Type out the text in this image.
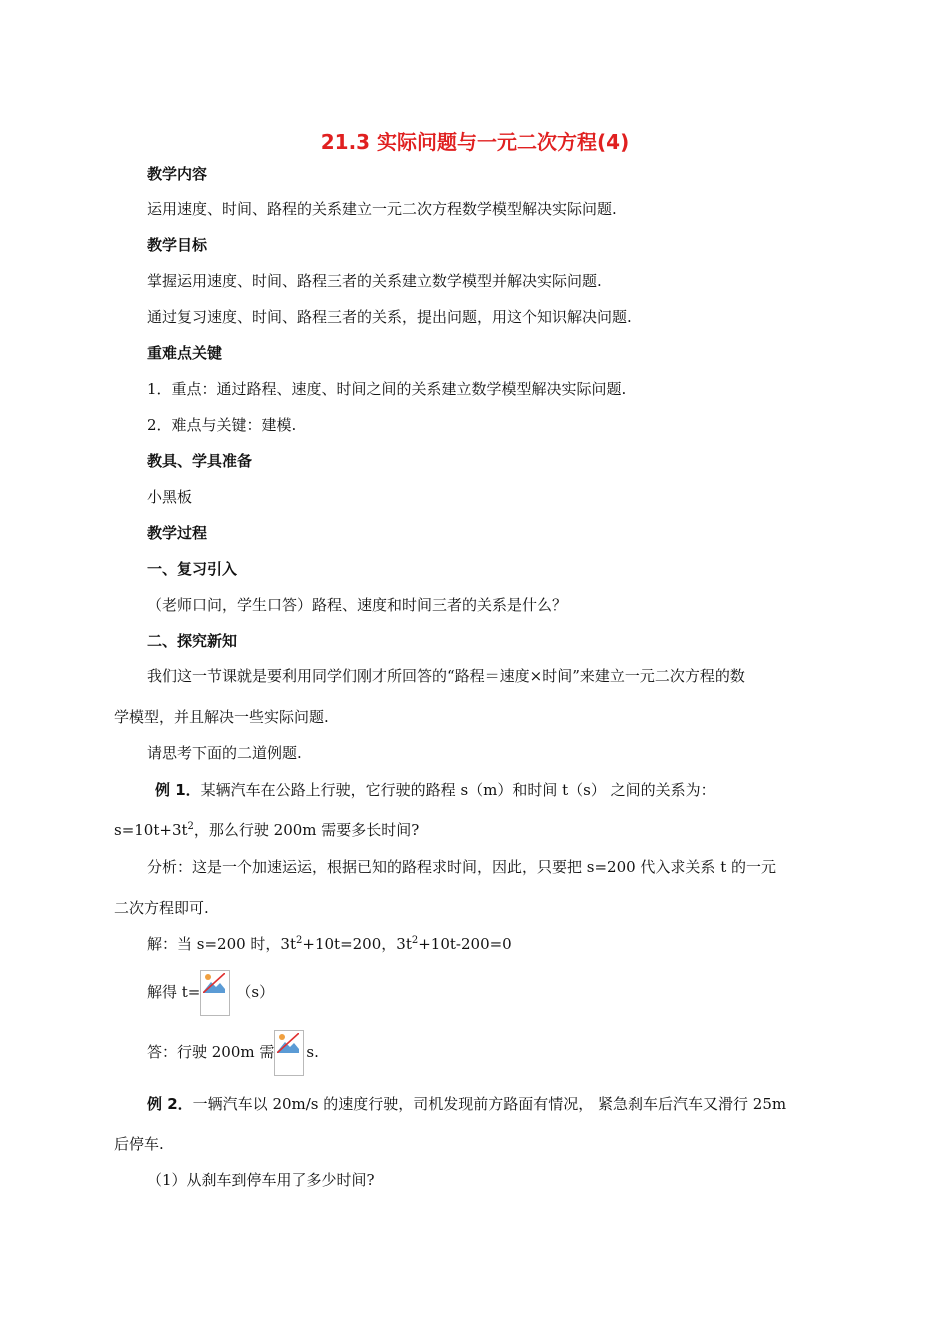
21.3 实际问题与一元二次方程(4)
教学内容
运用速度、时间、路程的关系建立一元二次方程数学模型解决实际问题.
教学目标
掌握运用速度、时间、路程三者的关系建立数学模型并解决实际问题.
通过复习速度、时间、路程三者的关系，提出问题，用这个知识解决问题.
重难点关键
1．重点：通过路程、速度、时间之间的关系建立数学模型解决实际问题.
2．难点与关键：建模.
教具、学具准备
小黑板
教学过程
一、复习引入
（老师口问，学生口答）路程、速度和时间三者的关系是什么？
二、探究新知
我们这一节课就是要利用同学们刚才所回答的“路程＝速度×时间”来建立一元二次方程的数
学模型，并且解决一些实际问题.
请思考下面的二道例题.
例 1．某辆汽车在公路上行驶，它行驶的路程 s（m）和时间 t（s） 之间的关系为：
$s=10t+3t^2$，那么行驶 200m 需要多长时间?
分析：这是一个加速运运，根据已知的路程求时间，因此，只要把 s=200 代入求关系 t 的一元
二次方程即可.
解：当 s=200 时，$3t^2+10t=200$，$3t^2+10t-200=0$
解得 t= （s）
答：行驶 200m 需 s.
例 2．一辆汽车以 20m/s 的速度行驶，司机发现前方路面有情况， 紧急刹车后汽车又滑行 25m
后停车.
（1）从刹车到停车用了多少时间?
